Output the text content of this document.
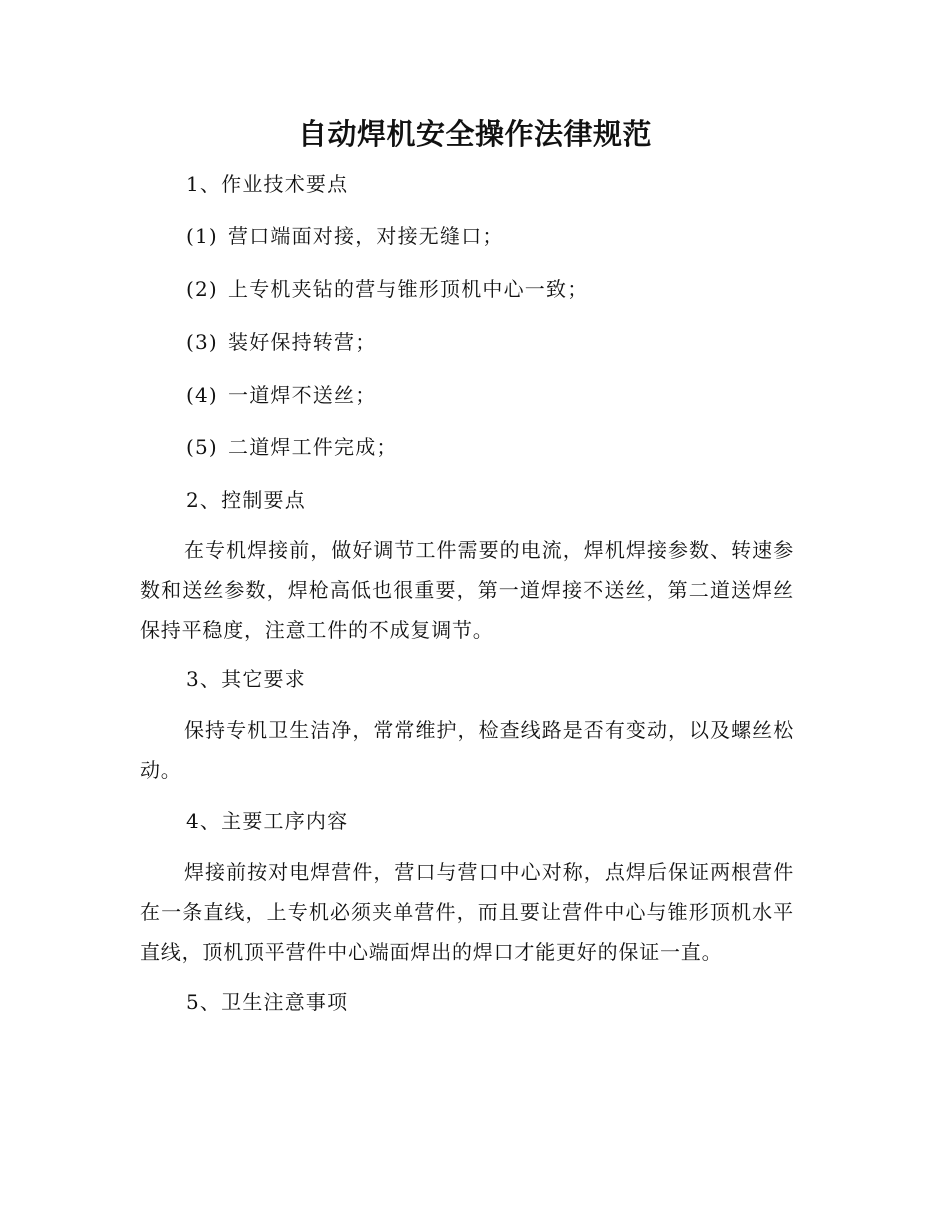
自动焊机安全操作法律规范
1、作业技术要点
(1) 营口端面对接，对接无缝口；
(2) 上专机夹钻的营与锥形顶机中心一致；
(3) 装好保持转营；
(4) 一道焊不送丝；
(5) 二道焊工件完成；
2、控制要点
在专机焊接前，做好调节工件需要的电流，焊机焊接参数、转速参数和送丝参数，焊枪高低也很重要，第一道焊接不送丝，第二道送焊丝保持平稳度，注意工件的不成复调节。
3、其它要求
保持专机卫生洁净，常常维护，检查线路是否有变动，以及螺丝松动。
4、主要工序内容
焊接前按对电焊营件，营口与营口中心对称，点焊后保证两根营件在一条直线，上专机必须夹单营件，而且要让营件中心与锥形顶机水平直线，顶机顶平营件中心端面焊出的焊口才能更好的保证一直。
5、卫生注意事项
